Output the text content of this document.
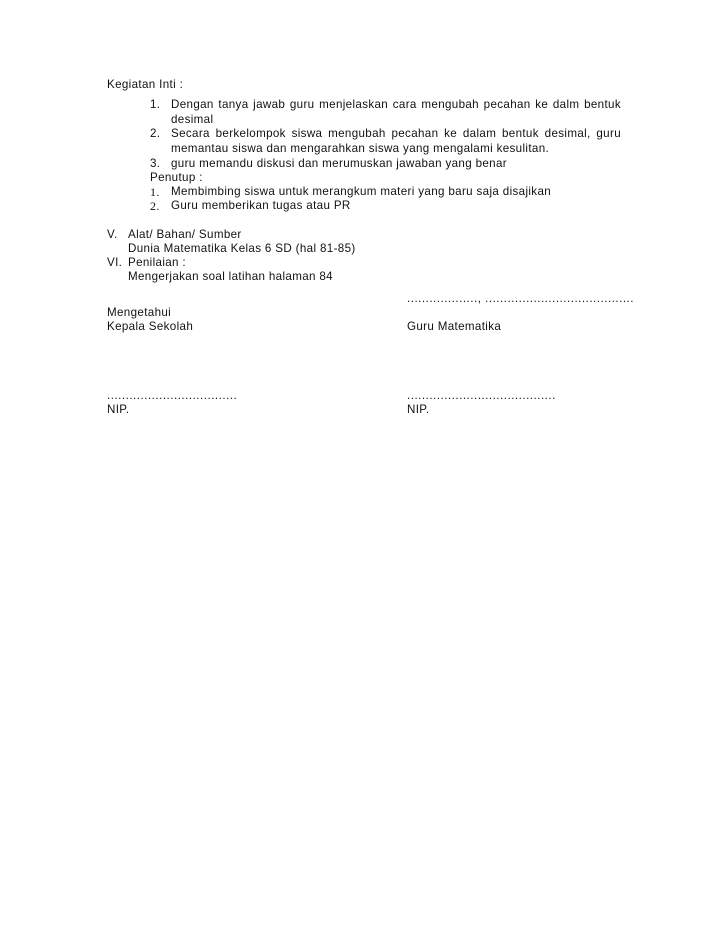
Kegiatan Inti :
1. Dengan tanya jawab guru menjelaskan cara mengubah pecahan ke dalm bentuk
desimal
2. Secara berkelompok siswa mengubah pecahan ke dalam bentuk desimal, guru
memantau siswa dan mengarahkan siswa yang mengalami kesulitan.
3. guru memandu diskusi dan merumuskan jawaban yang benar
Penutup :
1. Membimbing siswa untuk merangkum materi yang baru saja disajikan
2. Guru memberikan tugas atau PR
V. Alat/ Bahan/ Sumber
Dunia Matematika Kelas 6 SD (hal 81-85)
VI. Penilaian :
Mengerjakan soal latihan halaman 84
..................., ........................................
Mengetahui
Kepala Sekolah	Guru Matematika
...................................	........................................
NIP.	NIP.
